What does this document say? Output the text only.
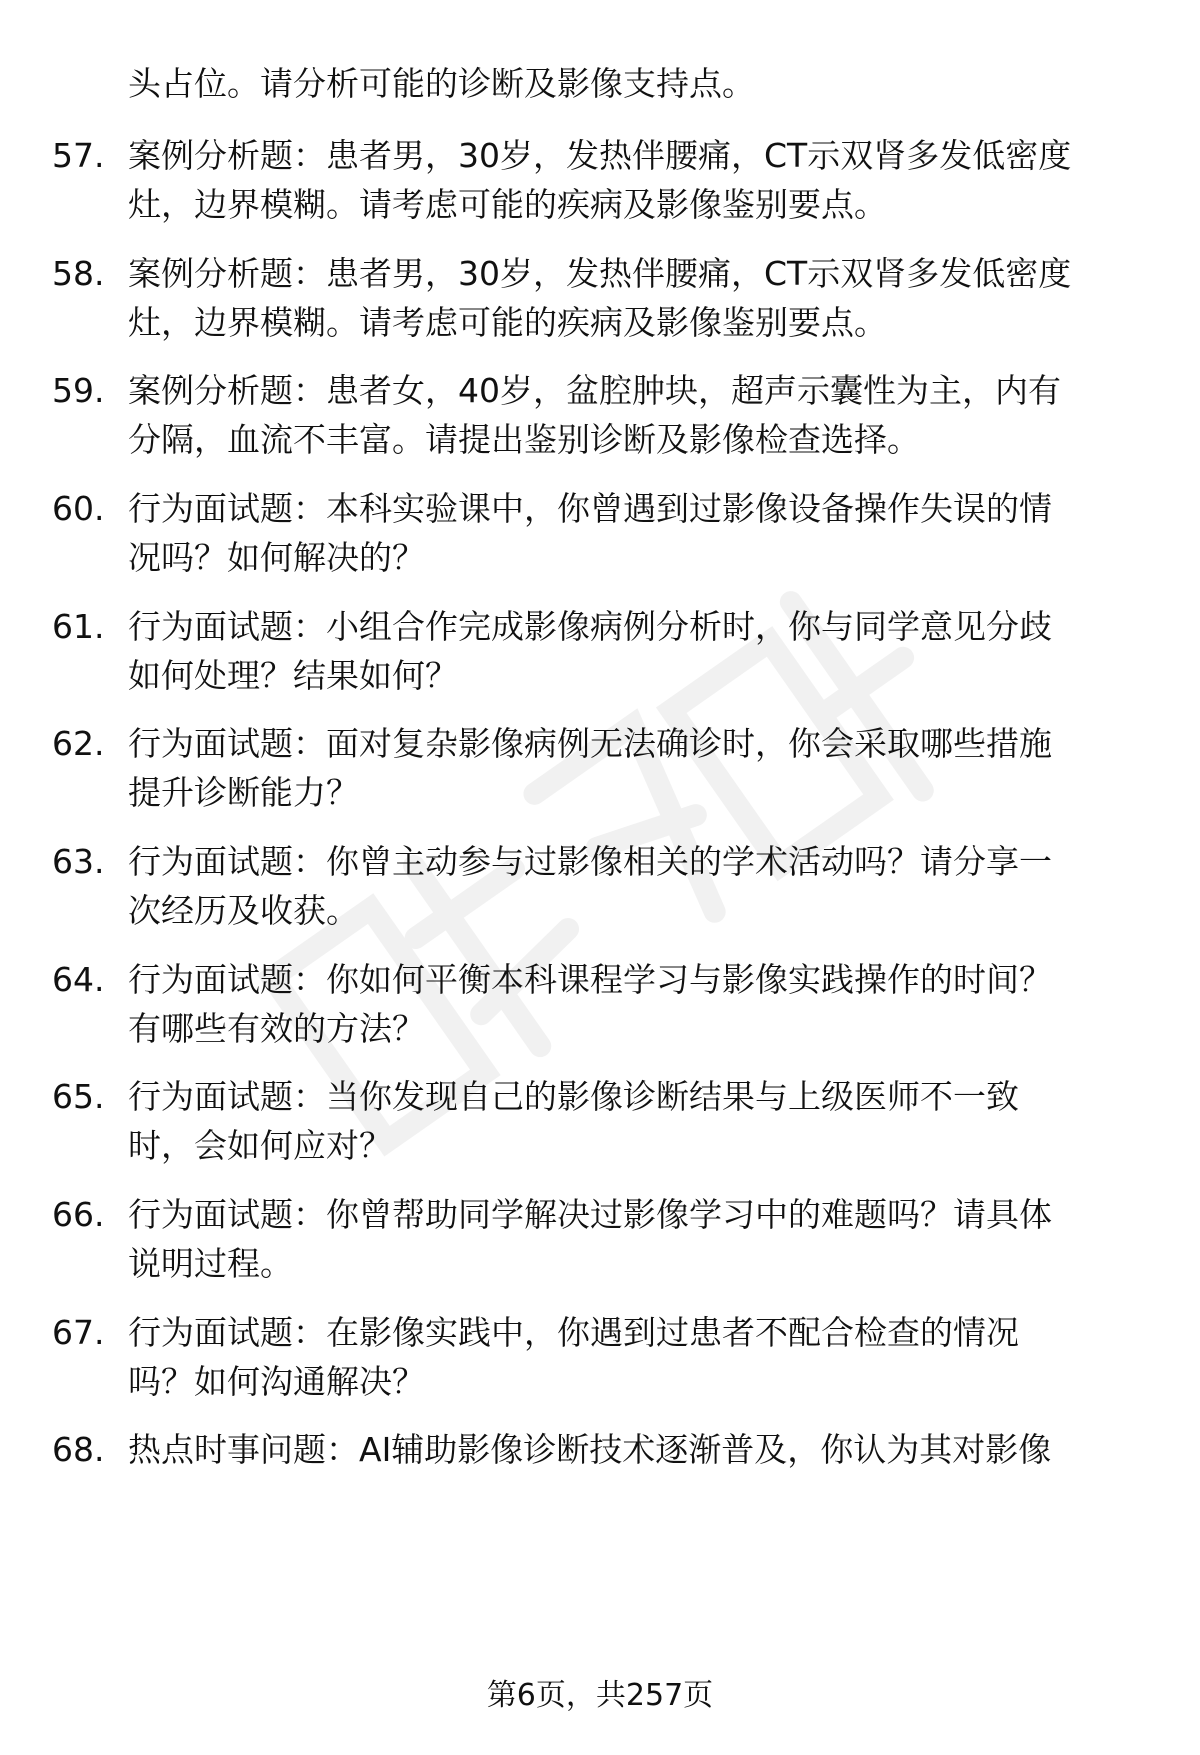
头占位。请分析可能的诊断及影像支持点。
57. 案例分析题：患者男，30岁，发热伴腰痛，CT示双肾多发低密度
灶，边界模糊。请考虑可能的疾病及影像鉴别要点。
58. 案例分析题：患者男，30岁，发热伴腰痛，CT示双肾多发低密度
灶，边界模糊。请考虑可能的疾病及影像鉴别要点。
59. 案例分析题：患者女，40岁，盆腔肿块，超声示囊性为主，内有
分隔，血流不丰富。请提出鉴别诊断及影像检查选择。
60. 行为面试题：本科实验课中，你曾遇到过影像设备操作失误的情
况吗？如何解决的？
61. 行为面试题：小组合作完成影像病例分析时，你与同学意见分歧
如何处理？结果如何？
62. 行为面试题：面对复杂影像病例无法确诊时，你会采取哪些措施
提升诊断能力？
63. 行为面试题：你曾主动参与过影像相关的学术活动吗？请分享一
次经历及收获。
64. 行为面试题：你如何平衡本科课程学习与影像实践操作的时间？
有哪些有效的方法？
65. 行为面试题：当你发现自己的影像诊断结果与上级医师不一致
时，会如何应对？
66. 行为面试题：你曾帮助同学解决过影像学习中的难题吗？请具体
说明过程。
67. 行为面试题：在影像实践中，你遇到过患者不配合检查的情况
吗？如何沟通解决？
68. 热点时事问题：AI辅助影像诊断技术逐渐普及，你认为其对影像
第6页，共257页
